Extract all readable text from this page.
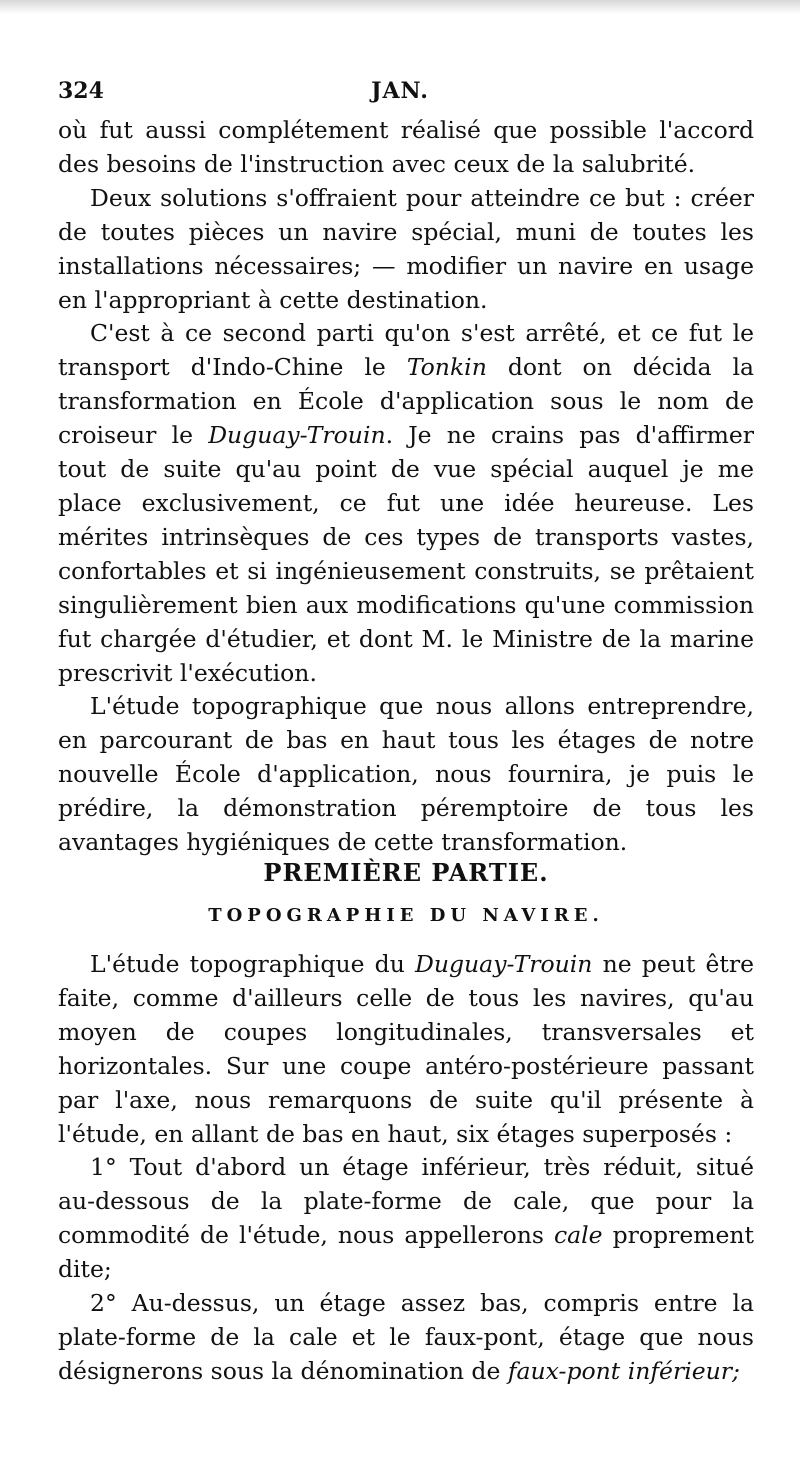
324	JAN.

où fut aussi complétement réalisé que possible l'accord des besoins de l'instruction avec ceux de la salubrité.

Deux solutions s'offraient pour atteindre ce but : créer de toutes pièces un navire spécial, muni de toutes les installations nécessaires; — modifier un navire en usage en l'appropriant à cette destination.

C'est à ce second parti qu'on s'est arrêté, et ce fut le transport d'Indo-Chine le Tonkin dont on décida la transformation en École d'application sous le nom de croiseur le Duguay-Trouin. Je ne crains pas d'affirmer tout de suite qu'au point de vue spécial auquel je me place exclusivement, ce fut une idée heureuse. Les mérites intrinsèques de ces types de transports vastes, confortables et si ingénieusement construits, se prêtaient singulièrement bien aux modifications qu'une commission fut chargée d'étudier, et dont M. le Ministre de la marine prescrivit l'exécution.

L'étude topographique que nous allons entreprendre, en parcourant de bas en haut tous les étages de notre nouvelle École d'application, nous fournira, je puis le prédire, la démonstration péremptoire de tous les avantages hygiéniques de cette transformation.

PREMIÈRE PARTIE.
TOPOGRAPHIE DU NAVIRE.

L'étude topographique du Duguay-Trouin ne peut être faite, comme d'ailleurs celle de tous les navires, qu'au moyen de coupes longitudinales, transversales et horizontales. Sur une coupe antéro-postérieure passant par l'axe, nous remarquons de suite qu'il présente à l'étude, en allant de bas en haut, six étages superposés :

1° Tout d'abord un étage inférieur, très réduit, situé au-dessous de la plate-forme de cale, que pour la commodité de l'étude, nous appellerons cale proprement dite;

2° Au-dessus, un étage assez bas, compris entre la plate-forme de la cale et le faux-pont, étage que nous désignerons sous la dénomination de faux-pont inférieur;
